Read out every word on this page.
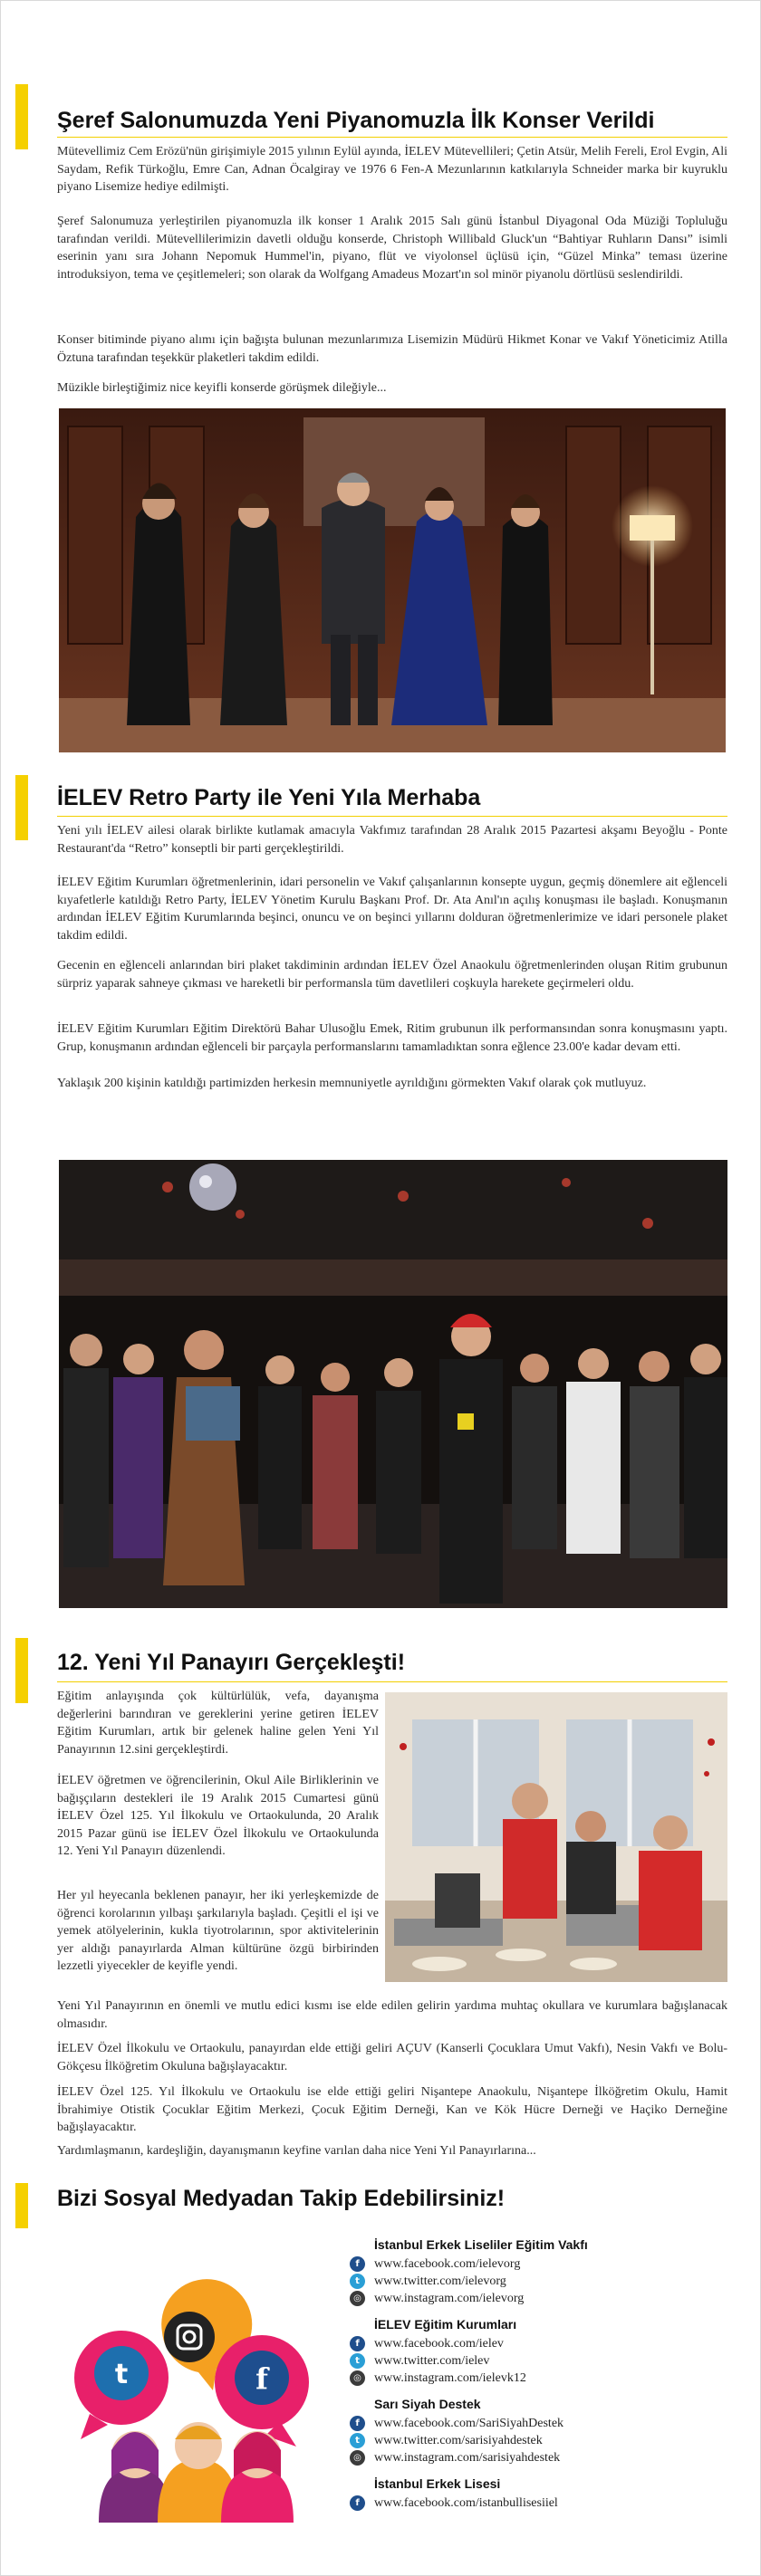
Şeref Salonumuzda Yeni Piyanomuzla İlk Konser Verildi

Mütevellimiz Cem Erözü'nün girişimiyle 2015 yılının Eylül ayında, İELEV Mütevellileri; Çetin Atsür, Melih Fereli, Erol Evgin, Ali Saydam, Refik Türkoğlu, Emre Can, Adnan Öcalgiray ve 1976 6 Fen-A Mezunlarının katkılarıyla Schneider marka bir kuyruklu piyano Lisemize hediye edilmişti.

Şeref Salonumuza yerleştirilen piyanomuzla ilk konser 1 Aralık 2015 Salı günü İstanbul Diyagonal Oda Müziği Topluluğu tarafından verildi. Mütevellilerimizin davetli olduğu konserde, Christoph Willibald Gluck'un “Bahtiyar Ruhların Dansı” isimli eserinin yanı sıra Johann Nepomuk Hummel'in, piyano, flüt ve viyolonsel üçlüsü için, “Güzel Minka” teması üzerine introduksiyon, tema ve çeşitlemeleri; son olarak da Wolfgang Amadeus Mozart'ın sol minör piyanolu dörtlüsü seslendirildi.

Konser bitiminde piyano alımı için bağışta bulunan mezunlarımıza Lisemizin Müdürü Hikmet Konar ve Vakıf Yöneticimiz Atilla Öztuna tarafından teşekkür plaketleri takdim edildi.

Müzikle birleştiğimiz nice keyifli konserde görüşmek dileğiyle...

İELEV Retro Party ile Yeni Yıla Merhaba

Yeni yılı İELEV ailesi olarak birlikte kutlamak amacıyla Vakfımız tarafından 28 Aralık 2015 Pazartesi akşamı Beyoğlu - Ponte Restaurant'da “Retro” konseptli bir parti gerçekleştirildi.

İELEV Eğitim Kurumları öğretmenlerinin, idari personelin ve Vakıf çalışanlarının konsepte uygun, geçmiş dönemlere ait eğlenceli kıyafetlerle katıldığı Retro Party, İELEV Yönetim Kurulu Başkanı Prof. Dr. Ata Anıl'ın açılış konuşması ile başladı. Konuşmanın ardından İELEV Eğitim Kurumlarında beşinci, onuncu ve on beşinci yıllarını dolduran öğretmenlerimize ve idari personele plaket takdim edildi.

Gecenin en eğlenceli anlarından biri plaket takdiminin ardından İELEV Özel Anaokulu öğretmenlerinden oluşan Ritim grubunun sürpriz yaparak sahneye çıkması ve hareketli bir performansla tüm davetlileri coşkuyla harekete geçirmeleri oldu.

İELEV Eğitim Kurumları Eğitim Direktörü Bahar Ulusoğlu Emek, Ritim grubunun ilk performansından sonra konuşmasını yaptı. Grup, konuşmanın ardından eğlenceli bir parçayla performanslarını tamamladıktan sonra eğlence 23.00'e kadar devam etti.

Yaklaşık 200 kişinin katıldığı partimizden herkesin memnuniyetle ayrıldığını görmekten Vakıf olarak çok mutluyuz.

12. Yeni Yıl Panayırı Gerçekleşti!

Eğitim anlayışında çok kültürlülük, vefa, dayanışma değerlerini barındıran ve gereklerini yerine getiren İELEV Eğitim Kurumları, artık bir gelenek haline gelen Yeni Yıl Panayırının 12.sini gerçekleştirdi.

İELEV öğretmen ve öğrencilerinin, Okul Aile Birliklerinin ve bağışçıların destekleri ile 19 Aralık 2015 Cumartesi günü İELEV Özel 125. Yıl İlkokulu ve Ortaokulunda, 20 Aralık 2015 Pazar günü ise İELEV Özel İlkokulu ve Ortaokulunda 12. Yeni Yıl Panayırı düzenlendi.

Her yıl heyecanla beklenen panayır, her iki yerleşkemizde de öğrenci korolarının yılbaşı şarkılarıyla başladı. Çeşitli el işi ve yemek atölyelerinin, kukla tiyotrolarının, spor aktivitelerinin yer aldığı panayırlarda Alman kültürüne özgü birbirinden lezzetli yiyecekler de keyifle yendi.

Yeni Yıl Panayırının en önemli ve mutlu edici kısmı ise elde edilen gelirin yardıma muhtaç okullara ve kurumlara bağışlanacak olmasıdır.

İELEV Özel İlkokulu ve Ortaokulu, panayırdan elde ettiği geliri AÇUV (Kanserli Çocuklara Umut Vakfı), Nesin Vakfı ve Bolu-Gökçesu İlköğretim Okuluna bağışlayacaktır.

İELEV Özel 125. Yıl İlkokulu ve Ortaokulu ise elde ettiği geliri Nişantepe Anaokulu, Nişantepe İlköğretim Okulu, Hamit İbrahimiye Otistik Çocuklar Eğitim Merkezi, Çocuk Eğitim Derneği, Kan ve Kök Hücre Derneği ve Haçiko Derneğine bağışlayacaktır.

Yardımlaşmanın, kardeşliğin, dayanışmanın keyfine varılan daha nice Yeni Yıl Panayırlarına...

Bizi Sosyal Medyadan Takip Edebilirsiniz!
t	f
İstanbul Erkek Liseliler Eğitim Vakfı
f	www.facebook.com/ielevorg
t	www.twitter.com/ielevorg
◎ www.instagram.com/ielevorg
İELEV Eğitim Kurumları
f	www.facebook.com/ielev
t	www.twitter.com/ielev
◎ www.instagram.com/ielevk12
Sarı Siyah Destek
f	www.facebook.com/SariSiyahDestek
t	www.twitter.com/sarisiyahdestek
◎ www.instagram.com/sarisiyahdestek
İstanbul Erkek Lisesi
f	www.facebook.com/istanbullisesiiel
